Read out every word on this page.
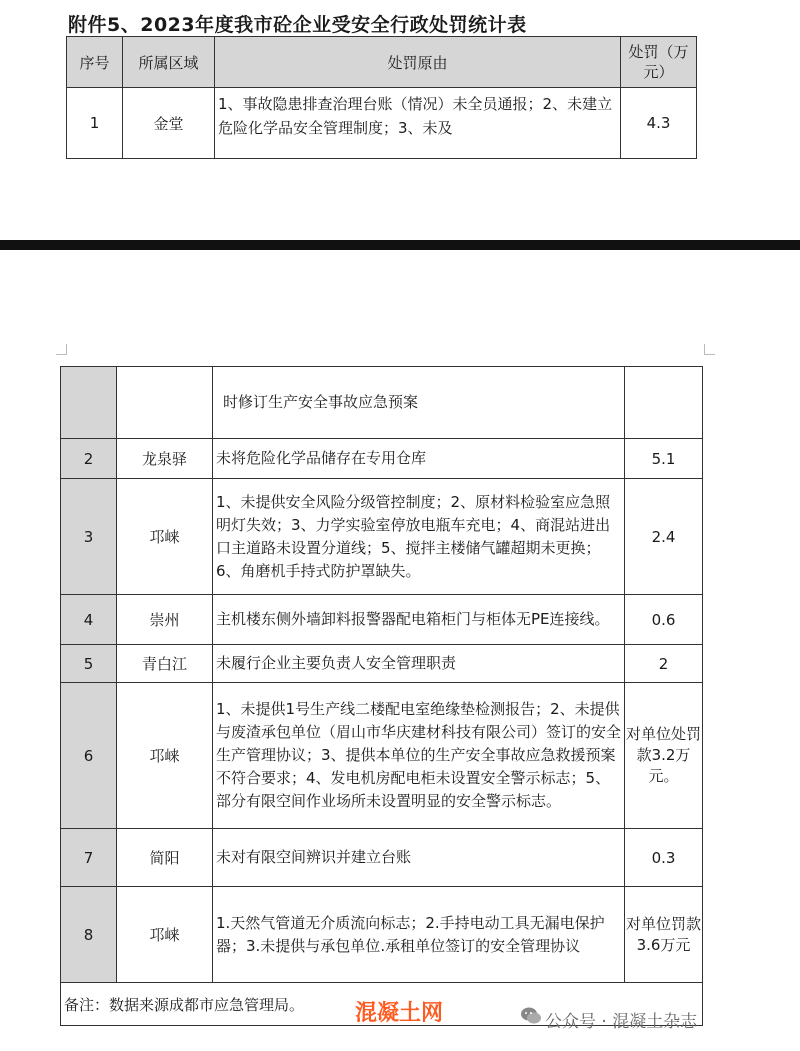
附件5、2023年度我市砼企业受安全行政处罚统计表
序号	所属区域	处罚原由	处罚（万元）
1	金堂	1、事故隐患排查治理台账（情况）未全员通报；2、未建立危险化学品安全管理制度；3、未及	4.3
		时修订生产安全事故应急预案	
2	龙泉驿	未将危险化学品储存在专用仓库	5.1
3	邛崃	1、未提供安全风险分级管控制度；2、原材料检验室应急照明灯失效；3、力学实验室停放电瓶车充电；4、商混站进出口主道路未设置分道线；5、搅拌主楼储气罐超期未更换；6、角磨机手持式防护罩缺失。	2.4
4	崇州	主机楼东侧外墙卸料报警器配电箱柜门与柜体无PE连接线。	0.6
5	青白江	未履行企业主要负责人安全管理职责	2
6	邛崃	1、未提供1号生产线二楼配电室绝缘垫检测报告；2、未提供与废渣承包单位（眉山市华庆建材科技有限公司）签订的安全生产管理协议；3、提供本单位的生产安全事故应急救援预案不符合要求；4、发电机房配电柜未设置安全警示标志；5、部分有限空间作业场所未设置明显的安全警示标志。	对单位处罚款3.2万元。
7	简阳	未对有限空间辨识并建立台账	0.3
8	邛崃	1.天然气管道无介质流向标志；2.手持电动工具无漏电保护器；3.未提供与承包单位.承租单位签订的安全管理协议	对单位罚款3.6万元
备注：数据来源成都市应急管理局。			混凝土网	公众号 · 混凝土杂志
